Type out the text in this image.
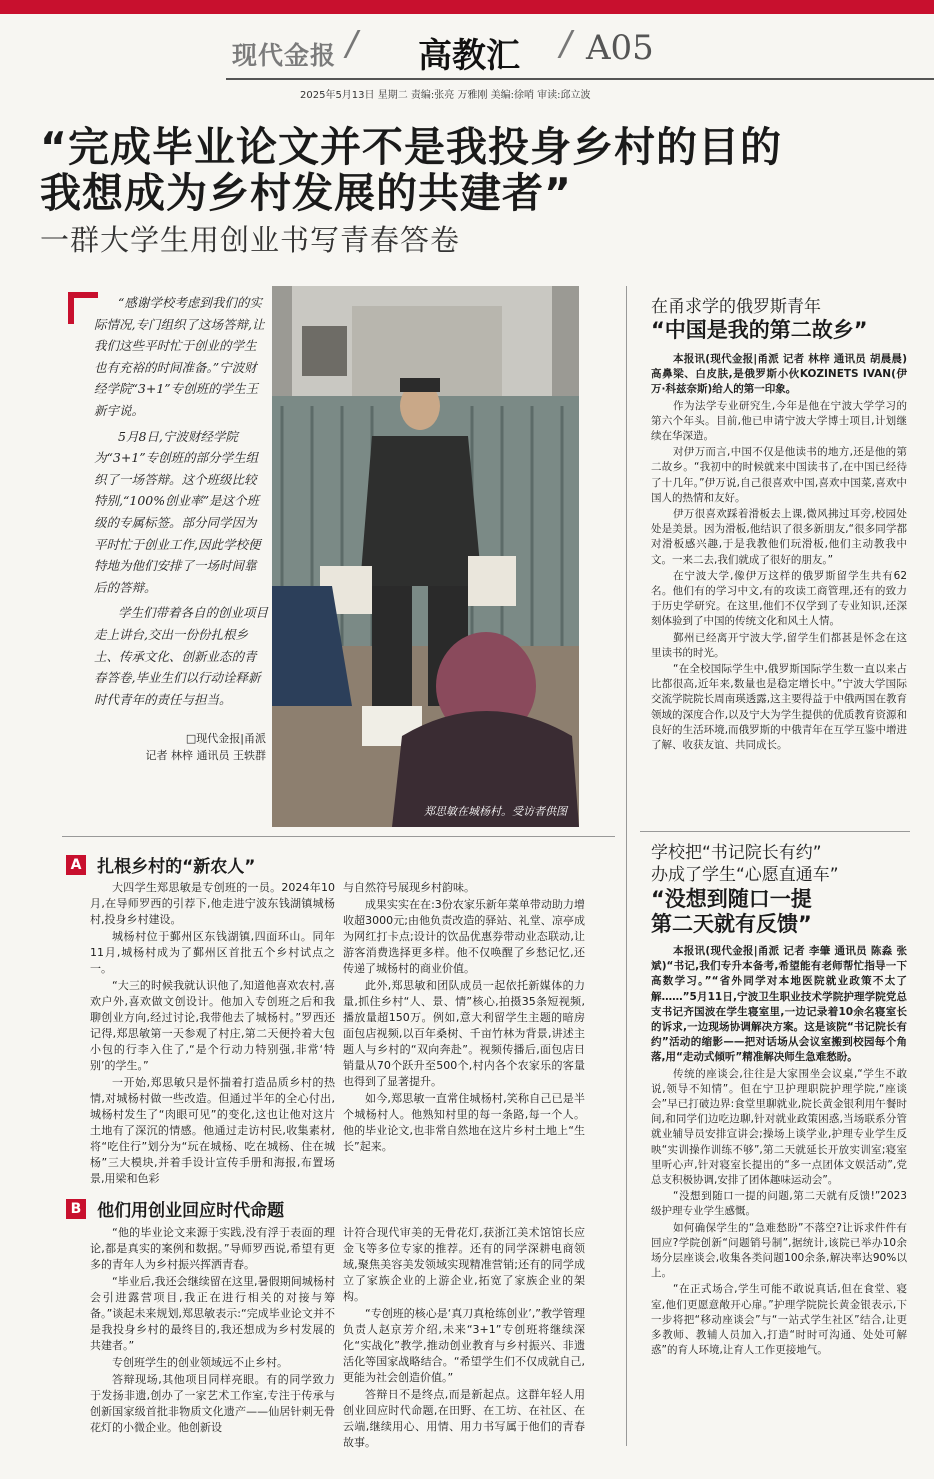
现代金报 / 高教汇 / A05
2025年5月13日 星期二 责编:张亮 万雅刚 美编:徐哨 审读:邱立波
“完成毕业论文并不是我投身乡村的目的
我想成为乡村发展的共建者”
一群大学生用创业书写青春答卷

“感谢学校考虑到我们的实际情况,专门组织了这场答辩,让我们这些平时忙于创业的学生也有充裕的时间准备。”宁波财经学院“3+1”专创班的学生王新宇说。

5月8日,宁波财经学院为“3+1”专创班的部分学生组织了一场答辩。这个班级比较特别,“100%创业率”是这个班级的专属标签。部分同学因为平时忙于创业工作,因此学校便特地为他们安排了一场时间靠后的答辩。

学生们带着各自的创业项目走上讲台,交出一份份扎根乡土、传承文化、创新业态的青春答卷,毕业生们以行动诠释新时代青年的责任与担当。

□现代金报|甬派
记者 林梓 通讯员 王轶群
郑思敏在城杨村。受访者供图
A 扎根乡村的“新农人”

大四学生郑思敏是专创班的一员。2024年10月,在导师罗西的引荐下,他走进宁波东钱湖镇城杨村,投身乡村建设。

城杨村位于鄞州区东钱湖镇,四面环山。同年11月,城杨村成为了鄞州区首批五个乡村试点之一。

“大三的时候我就认识他了,知道他喜欢农村,喜欢户外,喜欢做文创设计。他加入专创班之后和我聊创业方向,经过讨论,我带他去了城杨村。”罗西还记得,郑思敏第一天参观了村庄,第二天便拎着大包小包的行李入住了,“是个行动力特别强,非常‘特别’的学生。”

一开始,郑思敏只是怀揣着打造品质乡村的热情,对城杨村做一些改造。但通过半年的全心付出,城杨村发生了“肉眼可见”的变化,这也让他对这片土地有了深沉的情感。他通过走访村民,收集素材,将“吃住行”划分为“玩在城杨、吃在城杨、住在城杨”三大模块,并着手设计宣传手册和海报,布置场景,用梁和色彩

与自然符号展现乡村韵味。

成果实实在在:3份农家乐新年菜单带动助力增收超3000元;由他负责改造的驿站、礼堂、凉亭成为网红打卡点;设计的饮品优惠券带动业态联动,让游客消费选择更多样。他不仅唤醒了乡愁记忆,还传递了城杨村的商业价值。

此外,郑思敏和团队成员一起依托新媒体的力量,抓住乡村“人、景、情”核心,拍摄35条短视频,播放量超150万。例如,意大利留学生主题的暗房面包店视频,以百年桑树、千亩竹林为背景,讲述主题人与乡村的“双向奔赴”。视频传播后,面包店日销量从70个跃升至500个,村内各个农家乐的客量也得到了显著提升。

如今,郑思敏一直常住城杨村,笑称自己已是半个城杨村人。他熟知村里的每一条路,每一个人。他的毕业论文,也非常自然地在这片乡村土地上“生长”起来。

B 他们用创业回应时代命题

“他的毕业论文来源于实践,没有浮于表面的理论,都是真实的案例和数据。”导师罗西说,希望有更多的青年人为乡村振兴挥洒青春。

“毕业后,我还会继续留在这里,暑假期间城杨村会引进露营项目,我正在进行相关的对接与筹备。”谈起未来规划,郑思敏表示:“完成毕业论文并不是我投身乡村的最终目的,我还想成为乡村发展的共建者。”

专创班学生的创业领域远不止乡村。

答辩现场,其他项目同样亮眼。有的同学致力于发扬非遗,创办了一家艺术工作室,专注于传承与创新国家级首批非物质文化遗产——仙居针刺无骨花灯的小微企业。他创新设

计符合现代审美的无骨花灯,获浙江美术馆馆长应金飞等多位专家的推荐。还有的同学深耕电商领域,聚焦美容美发领域实现精准营销;还有的同学成立了家族企业的上游企业,拓宽了家族企业的架构。

“专创班的核心是‘真刀真枪练创业’,”教学管理负责人赵京芳介绍,未来“3+1”专创班将继续深化“实战化”教学,推动创业教育与乡村振兴、非遗活化等国家战略结合。“希望学生们不仅成就自己,更能为社会创造价值。”

答辩日不是终点,而是新起点。这群年轻人用创业回应时代命题,在田野、在工坊、在社区、在云端,继续用心、用情、用力书写属于他们的青春故事。

在甬求学的俄罗斯青年
“中国是我的第二故乡”

本报讯(现代金报|甬派 记者 林梓 通讯员 胡晨晨)高鼻梁、白皮肤,是俄罗斯小伙KOZINETS IVAN(伊万·科兹奈斯)给人的第一印象。

作为法学专业研究生,今年是他在宁波大学学习的第六个年头。目前,他已申请宁波大学博士项目,计划继续在华深造。

对伊万而言,中国不仅是他读书的地方,还是他的第二故乡。“我初中的时候就来中国读书了,在中国已经待了十几年。”伊万说,自己很喜欢中国,喜欢中国菜,喜欢中国人的热情和友好。

伊万很喜欢踩着滑板去上课,微风拂过耳旁,校园处处是美景。因为滑板,他结识了很多新朋友,“很多同学都对滑板感兴趣,于是我教他们玩滑板,他们主动教我中文。一来二去,我们就成了很好的朋友。”

在宁波大学,像伊万这样的俄罗斯留学生共有62名。他们有的学习中文,有的攻读工商管理,还有的致力于历史学研究。在这里,他们不仅学到了专业知识,还深刻体验到了中国的传统文化和风土人情。

鄞州已经离开宁波大学,留学生们都甚是怀念在这里读书的时光。

“在全校国际学生中,俄罗斯国际学生数一直以来占比都很高,近年来,数量也是稳定增长中。”宁波大学国际交流学院院长周南瑛透露,这主要得益于中俄两国在教育领域的深度合作,以及宁大为学生提供的优质教育资源和良好的生活环境,而俄罗斯的中俄青年在互学互鉴中增进了解、收获友谊、共同成长。

学校把“书记院长有约”
办成了学生“心愿直通车”
“没想到随口一提
第二天就有反馈”

本报讯(现代金报|甬派 记者 李肇 通讯员 陈淼 张斌)“书记,我们专升本备考,希望能有老师帮忙指导一下高数学习。”“省外同学对本地医院就业政策不太了解……”5月11日,宁波卫生职业技术学院护理学院党总支书记齐国波在学生寝室里,一边记录着10余名寝室长的诉求,一边现场协调解决方案。这是该院“书记院长有约”活动的缩影——把对话场从会议室搬到校园每个角落,用“走动式倾听”精准解决师生急难愁盼。

传统的座谈会,往往是大家围坐会议桌,“学生不敢说,领导不知情”。但在宁卫护理职院护理学院,“座谈会”早已打破边界:食堂里聊就业,院长黄金银利用午餐时间,和同学们边吃边聊,针对就业政策困惑,当场联系分管就业辅导员安排宣讲会;操场上谈学业,护理专业学生反映“实训操作训练不够”,第二天就延长开放实训室;寝室里听心声,针对寝室长提出的“多一点团体文娱活动”,党总支积极协调,安排了团体趣味运动会”。

“没想到随口一提的问题,第二天就有反馈!”2023级护理专业学生感慨。

如何确保学生的“急难愁盼”不落空?让诉求件件有回应?学院创新“问题销号制”,据统计,该院已举办10余场分层座谈会,收集各类问题100余条,解决率达90%以上。

“在正式场合,学生可能不敢说真话,但在食堂、寝室,他们更愿意敞开心扉。”护理学院院长黄金银表示,下一步将把“移动座谈会”与“一站式学生社区”结合,让更多教师、教辅人员加入,打造“时时可沟通、处处可解惑”的育人环境,让育人工作更接地气。
